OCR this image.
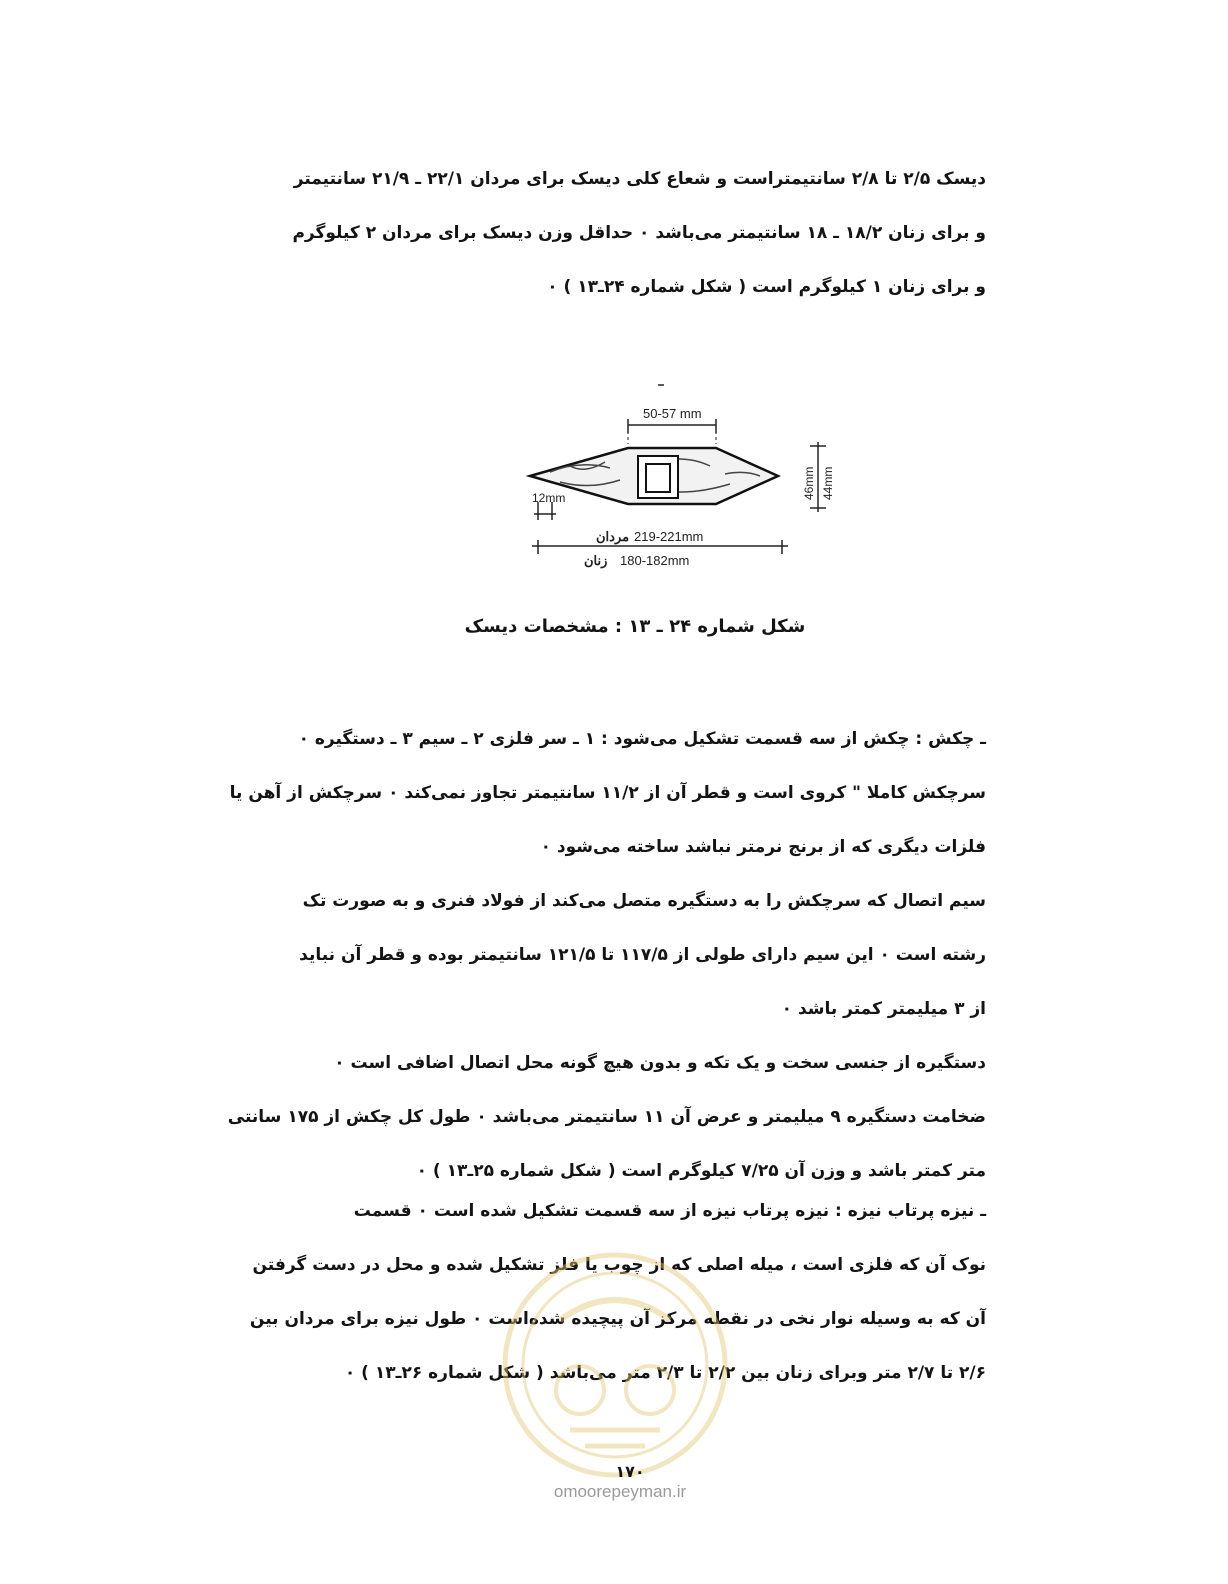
دیسک ۲/۵ تا ۲/۸ سانتیمتراست و شعاع کلی دیسک برای مردان ۲۲/۱ ـ ۲۱/۹ سانتیمتر

و برای زنان ۱۸/۲ ـ ۱۸ سانتیمتر می‌باشد ۰ حداقل وزن دیسک برای مردان ۲ کیلوگرم

و برای زنان ۱ کیلوگرم است ( شکل شماره ۲۴ـ۱۳ ) ۰

50-57 mm
12mm	46mm 44mm
219-221mm
مردان
180-182mm
زنان
شکل شماره ۲۴ ـ ۱۳ : مشخصات دیسک

ـ چکش : چکش از سه قسمت تشکیل می‌شود : ۱ ـ سر فلزی ۲ ـ سیم ۳ ـ دستگیره ۰

سرچکش کاملا " کروی است و قطر آن از ۱۱/۲ سانتیمتر تجاوز نمی‌کند ۰ سرچکش از آهن یا

فلزات دیگری که از برنج نرمتر نباشد ساخته می‌شود ۰

سیم اتصال که سرچکش را به دستگیره متصل می‌کند از فولاد فنری و به صورت تک

رشته است ۰ این سیم دارای طولی از ۱۱۷/۵ تا ۱۲۱/۵ سانتیمتر بوده و قطر آن نباید

از ۳ میلیمتر کمتر باشد ۰

دستگیره از جنسی سخت و یک تکه و بدون هیچ گونه محل اتصال اضافی است ۰

ضخامت دستگیره ۹ میلیمتر و عرض آن ۱۱ سانتیمتر می‌باشد ۰ طول کل چکش از ۱۷۵ سانتی

متر کمتر باشد و وزن آن ۷/۲۵ کیلوگرم است ( شکل شماره ۲۵ـ۱۳ ) ۰

ـ نیزه پرتاب نیزه : نیزه پرتاب نیزه از سه قسمت تشکیل شده است ۰ قسمت

نوک آن که فلزی است ، میله اصلی که از چوب یا فلز تشکیل شده و محل در دست گرفتن

آن که به وسیله نوار نخی در نقطه مرکز آن پیچیده شده‌است ۰ طول نیزه برای مردان بین

۲/۶ تا ۲/۷ متر وبرای زنان بین ۲/۲ تا ۲/۳ متر می‌باشد ( شکل شماره ۲۶ـ۱۳ ) ۰

۱۷۰
omoorepeyman.ir
